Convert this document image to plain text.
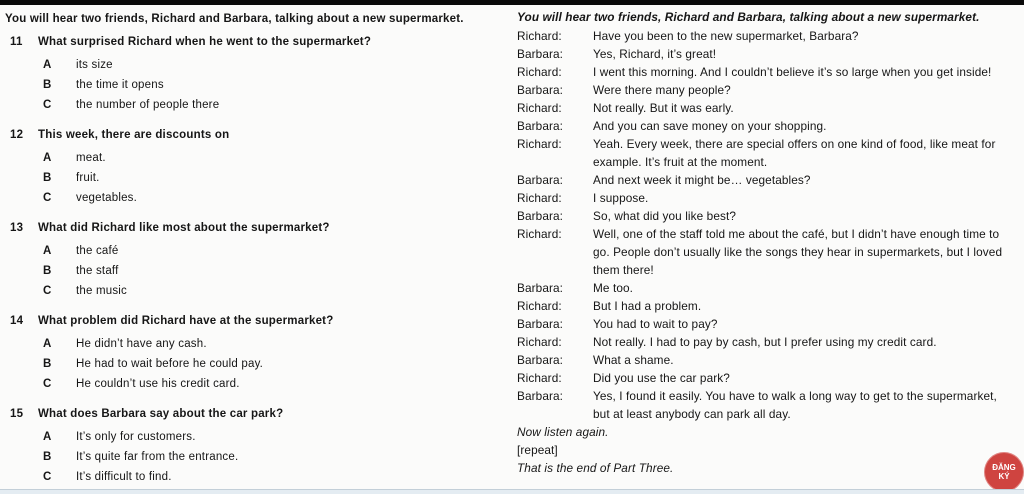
You will hear two friends, Richard and Barbara, talking about a new supermarket.
11	What surprised Richard when he went to the supermarket?
A	its size
B	the time it opens
C	the number of people there
12	This week, there are discounts on
A	meat.
B	fruit.
C	vegetables.
13	What did Richard like most about the supermarket?
A	the café
B	the staff
C	the music
14	What problem did Richard have at the supermarket?
A	He didn’t have any cash.
B	He had to wait before he could pay.
C	He couldn’t use his credit card.
15	What does Barbara say about the car park?
A	It’s only for customers.
B	It’s quite far from the entrance.
C	It’s difficult to find.
You will hear two friends, Richard and Barbara, talking about a new supermarket.
Richard:	Have you been to the new supermarket, Barbara?
Barbara:	Yes, Richard, it’s great!
Richard:	I went this morning. And I couldn’t believe it’s so large when you get inside!
Barbara:	Were there many people?
Richard:	Not really. But it was early.
Barbara:	And you can save money on your shopping.
Richard:	Yeah. Every week, there are special offers on one kind of food, like meat for example. It’s fruit at the moment.
Barbara:	And next week it might be… vegetables?
Richard:	I suppose.
Barbara:	So, what did you like best?
Richard:	Well, one of the staff told me about the café, but I didn’t have enough time to go. People don’t usually like the songs they hear in supermarkets, but I loved them there!
Barbara:	Me too.
Richard:	But I had a problem.
Barbara:	You had to wait to pay?
Richard:	Not really. I had to pay by cash, but I prefer using my credit card.
Barbara:	What a shame.
Richard:	Did you use the car park?
Barbara:	Yes, I found it easily. You have to walk a long way to get to the supermarket, but at least anybody can park all day.
Now listen again.
[repeat]
That is the end of Part Three.	ĐĂNG
KÝ
